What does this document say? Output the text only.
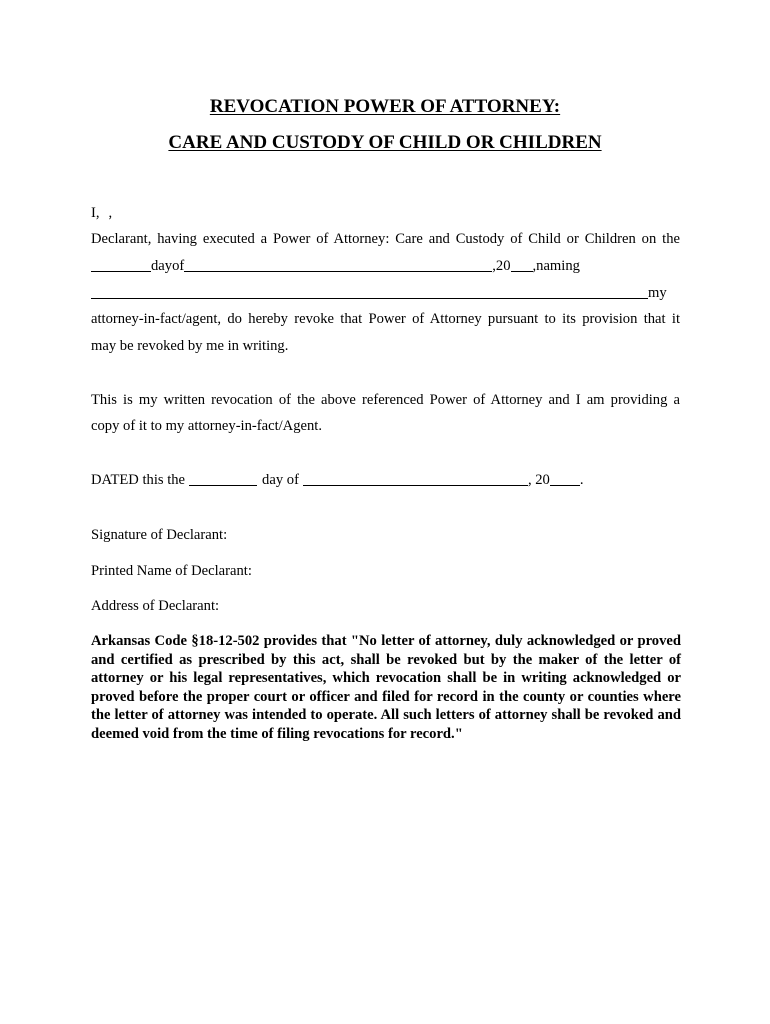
REVOCATION POWER OF ATTORNEY:
CARE AND CUSTODY OF CHILD OR CHILDREN
I, ,
Declarant, having executed a Power of Attorney: Care and Custody of Child or Children on the
day of	, 20 , naming
my
attorney-in-fact/agent, do hereby revoke that Power of Attorney pursuant to its provision that it
may be revoked by me in writing.
This is my written revocation of the above referenced Power of Attorney and I am providing a
copy of it to my attorney-in-fact/Agent.
DATED this the	day of	, 20 .
Signature of Declarant:
Printed Name of Declarant:
Address of Declarant:
Arkansas Code §18-12-502 provides that "No letter of attorney, duly acknowledged or proved and certified as prescribed by this act, shall be revoked but by the maker of the letter of attorney or his legal representatives, which revocation shall be in writing acknowledged or proved before the proper court or officer and filed for record in the county or counties where the letter of attorney was intended to operate. All such letters of attorney shall be revoked and deemed void from the time of filing revocations for record."
